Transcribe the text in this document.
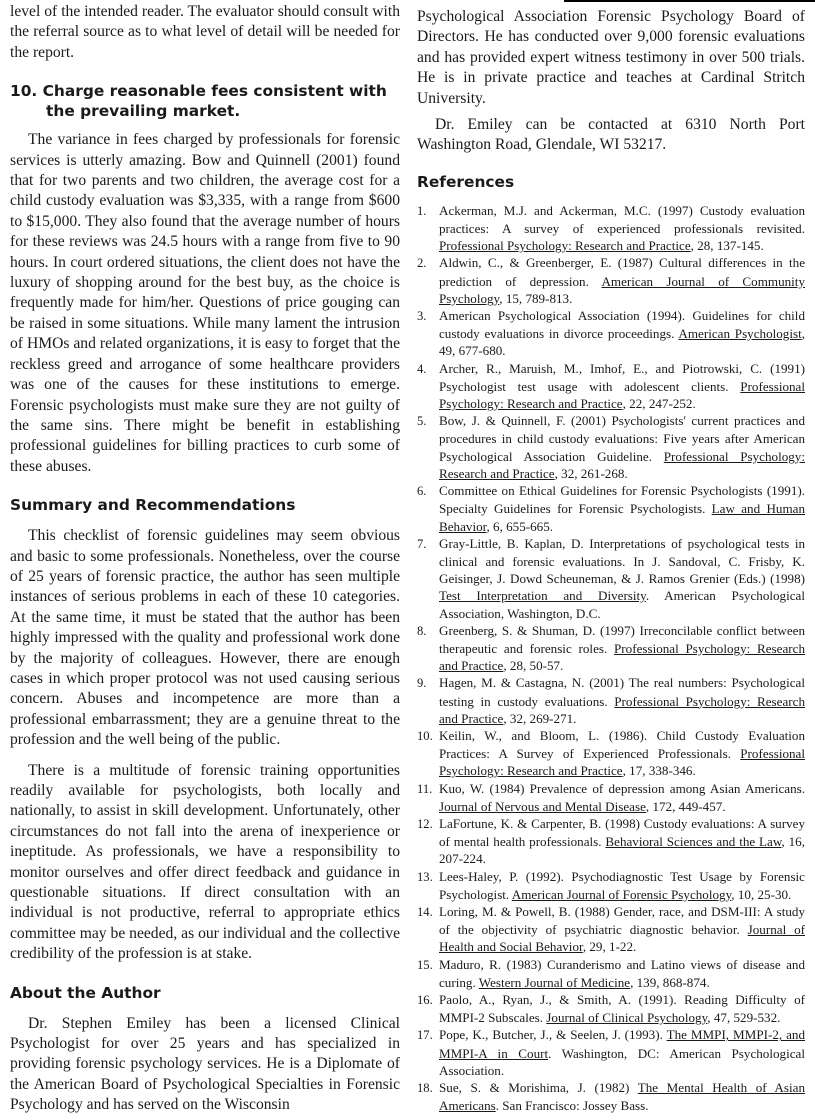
level of the intended reader. The evaluator should consult with the referral source as to what level of detail will be needed for the report.

10. Charge reasonable fees consistent with the prevailing market.

The variance in fees charged by professionals for forensic services is utterly amazing. Bow and Quinnell (2001) found that for two parents and two children, the average cost for a child custody evaluation was $3,335, with a range from $600 to $15,000. They also found that the average number of hours for these reviews was 24.5 hours with a range from five to 90 hours. In court ordered situations, the client does not have the luxury of shopping around for the best buy, as the choice is frequently made for him/her. Questions of price gouging can be raised in some situations. While many lament the intrusion of HMOs and related organizations, it is easy to forget that the reckless greed and arrogance of some healthcare providers was one of the causes for these institutions to emerge. Forensic psychologists must make sure they are not guilty of the same sins. There might be benefit in establishing professional guidelines for billing practices to curb some of these abuses.

Summary and Recommendations

This checklist of forensic guidelines may seem obvious and basic to some professionals. Nonetheless, over the course of 25 years of forensic practice, the author has seen multiple instances of serious problems in each of these 10 categories. At the same time, it must be stated that the author has been highly impressed with the quality and professional work done by the majority of colleagues. However, there are enough cases in which proper protocol was not used causing serious concern. Abuses and incompetence are more than a professional embarrassment; they are a genuine threat to the profession and the well being of the public.

There is a multitude of forensic training opportunities readily available for psychologists, both locally and nationally, to assist in skill development. Unfortunately, other circumstances do not fall into the arena of inexperience or ineptitude. As professionals, we have a responsibility to monitor ourselves and offer direct feedback and guidance in questionable situations. If direct consultation with an individual is not productive, referral to appropriate ethics committee may be needed, as our individual and the collective credibility of the profession is at stake.

About the Author

Dr. Stephen Emiley has been a licensed Clinical Psychologist for over 25 years and has specialized in providing forensic psychology services. He is a Diplomate of the American Board of Psychological Specialties in Forensic Psychology and has served on the Wisconsin

Psychological Association Forensic Psychology Board of Directors. He has conducted over 9,000 forensic evaluations and has provided expert witness testimony in over 500 trials. He is in private practice and teaches at Cardinal Stritch University.

Dr. Emiley can be contacted at 6310 North Port Washington Road, Glendale, WI 53217.

References
1. Ackerman, M.J. and Ackerman, M.C. (1997) Custody evaluation practices: A survey of experienced professionals revisited. Professional Psychology: Research and Practice, 28, 137-145.
2. Aldwin, C., & Greenberger, E. (1987) Cultural differences in the prediction of depression. American Journal of Community Psychology, 15, 789-813.
3. American Psychological Association (1994). Guidelines for child custody evaluations in divorce proceedings. American Psychologist, 49, 677-680.
4. Archer, R., Maruish, M., Imhof, E., and Piotrowski, C. (1991) Psychologist test usage with adolescent clients. Professional Psychology: Research and Practice, 22, 247-252.
5. Bow, J. & Quinnell, F. (2001) Psychologists' current practices and procedures in child custody evaluations: Five years after American Psychological Association Guideline. Professional Psychology: Research and Practice, 32, 261-268.
6. Committee on Ethical Guidelines for Forensic Psychologists (1991). Specialty Guidelines for Forensic Psychologists. Law and Human Behavior, 6, 655-665.
7. Gray-Little, B. Kaplan, D. Interpretations of psychological tests in clinical and forensic evaluations. In J. Sandoval, C. Frisby, K. Geisinger, J. Dowd Scheuneman, & J. Ramos Grenier (Eds.) (1998) Test Interpretation and Diversity. American Psychological Association, Washington, D.C.
8. Greenberg, S. & Shuman, D. (1997) Irreconcilable conflict between therapeutic and forensic roles. Professional Psychology: Research and Practice, 28, 50-57.
9. Hagen, M. & Castagna, N. (2001) The real numbers: Psychological testing in custody evaluations. Professional Psychology: Research and Practice, 32, 269-271.
10. Keilin, W., and Bloom, L. (1986). Child Custody Evaluation Practices: A Survey of Experienced Professionals. Professional Psychology: Research and Practice, 17, 338-346.
11. Kuo, W. (1984) Prevalence of depression among Asian Americans. Journal of Nervous and Mental Disease, 172, 449-457.
12. LaFortune, K. & Carpenter, B. (1998) Custody evaluations: A survey of mental health professionals. Behavioral Sciences and the Law, 16, 207-224.
13. Lees-Haley, P. (1992). Psychodiagnostic Test Usage by Forensic Psychologist. American Journal of Forensic Psychology, 10, 25-30.
14. Loring, M. & Powell, B. (1988) Gender, race, and DSM-III: A study of the objectivity of psychiatric diagnostic behavior. Journal of Health and Social Behavior, 29, 1-22.
15. Maduro, R. (1983) Curanderismo and Latino views of disease and curing. Western Journal of Medicine, 139, 868-874.
16. Paolo, A., Ryan, J., & Smith, A. (1991). Reading Difficulty of MMPI-2 Subscales. Journal of Clinical Psychology, 47, 529-532.
17. Pope, K., Butcher, J., & Seelen, J. (1993). The MMPI, MMPI-2, and MMPI-A in Court. Washington, DC: American Psychological Association.
18. Sue, S. & Morishima, J. (1982) The Mental Health of Asian Americans. San Francisco: Jossey Bass.
